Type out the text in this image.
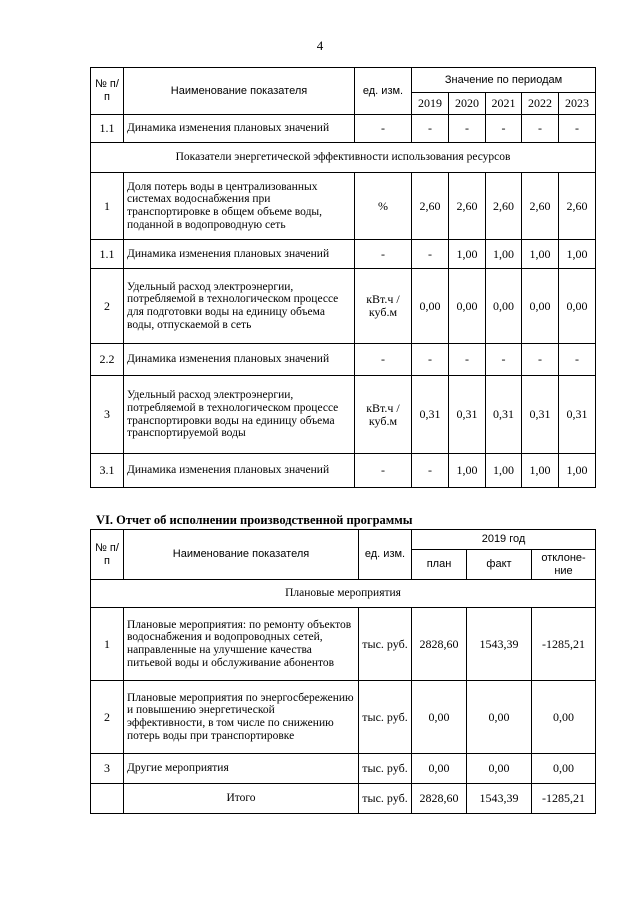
4
№ п/п	Наименование показателя	ед. изм.	Значение по периодам				
			2019	2020	2021	2022	2023
1.1	Динамика изменения плановых значений	-	-	-	-	-	-
Показатели энергетической эффективности использования ресурсов							
1	Доля потерь воды в централизованных системах водоснабжения при транспортировке в общем объеме воды, поданной в водопроводную сеть	%	2,60	2,60	2,60	2,60	2,60
1.1	Динамика изменения плановых значений	-	-	1,00	1,00	1,00	1,00
2	Удельный расход электроэнергии, потребляемой в технологическом процессе для подготовки воды на единицу объема воды, отпускаемой в сеть	кВт.ч / куб.м	0,00	0,00	0,00	0,00	0,00
2.2	Динамика изменения плановых значений	-	-	-	-	-	-
3	Удельный расход электроэнергии, потребляемой в технологическом процессе транспортировки воды на единицу объема транспортируемой воды	кВт.ч / куб.м	0,31	0,31	0,31	0,31	0,31
3.1	Динамика изменения плановых значений	-	-	1,00	1,00	1,00	1,00
VI. Отчет об исполнении производственной программы
№ п/п	Наименование показателя	ед. изм.	2019 год		
			план	факт	отклоне-ние
Плановые мероприятия					
1	Плановые мероприятия: по ремонту объектов водоснабжения и водопроводных сетей, направленные на улучшение качества питьевой воды и обслуживание абонентов	тыс. руб.	2828,60	1543,39	-1285,21
2	Плановые мероприятия по энергосбережению и повышению энергетической эффективности, в том числе по снижению потерь воды при транспортировке	тыс. руб.	0,00	0,00	0,00
3	Другие мероприятия	тыс. руб.	0,00	0,00	0,00
	Итого	тыс. руб.	2828,60	1543,39	-1285,21
